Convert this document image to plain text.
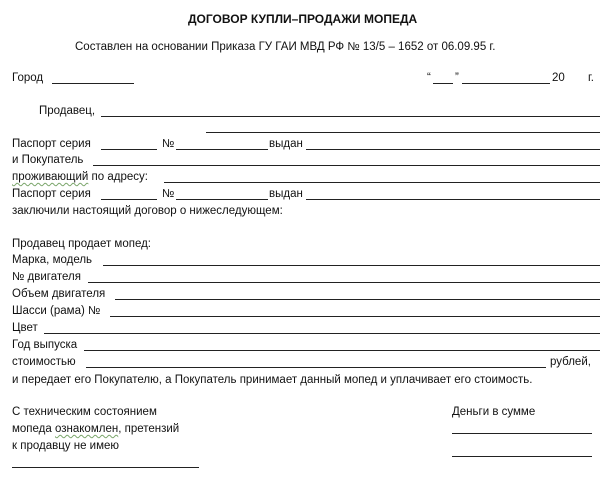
ДОГОВОР КУПЛИ–ПРОДАЖИ МОПЕДА
Составлен на основании Приказа ГУ ГАИ МВД РФ № 13/5 – 1652 от 06.09.95 г.
Город	“ ”	20 г.
Продавец,
Паспорт серия	№	выдан
и Покупатель
проживающий по адресу:
Паспорт серия	№	выдан
заключили настоящий договор о нижеследующем:
Продавец продает мопед:
Марка, модель
№ двигателя
Объем двигателя
Шасси (рама) №
Цвет
Год выпуска
стоимостью	рублей,
и передает его Покупателю, а Покупатель принимает данный мопед и уплачивает его стоимость.
С техническим состоянием
мопеда ознакомлен, претензий
к продавцу не имею
Деньги в сумме
